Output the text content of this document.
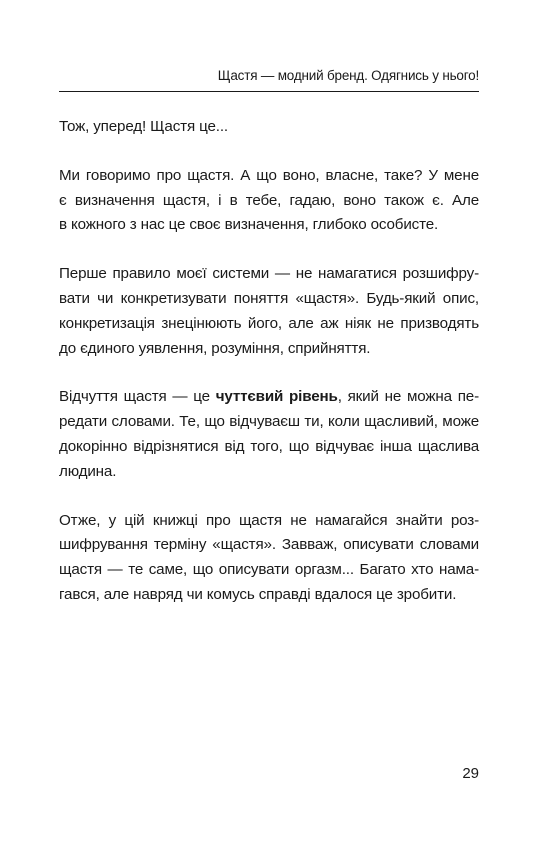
Щастя — модний бренд. Одягнись у нього!

Тож, уперед! Щастя це...

Ми говоримо про щастя. А що воно, власне, таке? У мене
є визначення щастя, і в тебе, гадаю, воно також є. Але
в кожного з нас це своє визначення, глибоко особисте.

Перше правило моєї системи — не намагатися розшифру-
вати чи конкретизувати поняття «щастя». Будь-який опис,
конкретизація знецінюють його, але аж ніяк не призводять
до єдиного уявлення, розуміння, сприйняття.

Відчуття щастя — це чуттєвий рівень, який не можна пе-
редати словами. Те, що відчуваєш ти, коли щасливий, може
докорінно відрізнятися від того, що відчуває інша щаслива
людина.

Отже, у цій книжці про щастя не намагайся знайти роз-
шифрування терміну «щастя». Завваж, описувати словами
щастя — те саме, що описувати оргазм... Багато хто нама-
гався, але навряд чи комусь справді вдалося це зробити.

29
